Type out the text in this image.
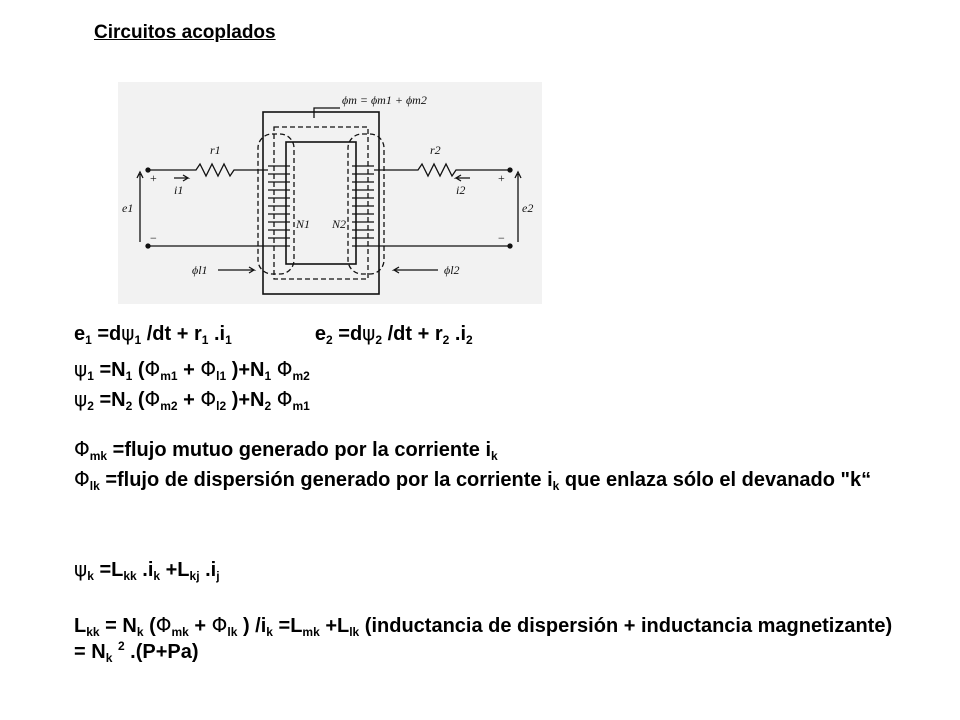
Circuitos acoplados
ϕm = ϕm1 + ϕm2
r1	r2
i1	i2
e1	e2
N1 N2
ϕl1	ϕl2
+
−
+
−
$e_1 =d\psi_1$ $/dt + r_1$ $.i_1$	$e_2 =d\psi_2$ $/dt + r_2$ $.i_2$
$\psi_1 =N_1$ ($\Phi_{m1} + \Phi_{l1}$ )$+N_1$ $\Phi_{m2}$
$\psi_2 =N_2$ ($\Phi_{m2} + \Phi_{l2}$ )$+N_2$ $\Phi_{m1}$
$\Phi_{mk}$ =flujo mutuo generado por la corriente $i_k$
$\Phi_{lk}$ =flujo de dispersión generado por la corriente $i_k$ que enlaza sólo el devanado "k“
$\psi_k =L_{kk}$ $.i_k +L_{kj}$ $.i_j$
$L_{kk} = N_k$ ($\Phi_{mk} + \Phi_{lk}$ ) $/i_k =L_{mk} +L_{lk}$ (inductancia de dispersión + inductancia magnetizante) = $N_k$ $^2$ .(P+Pa)
